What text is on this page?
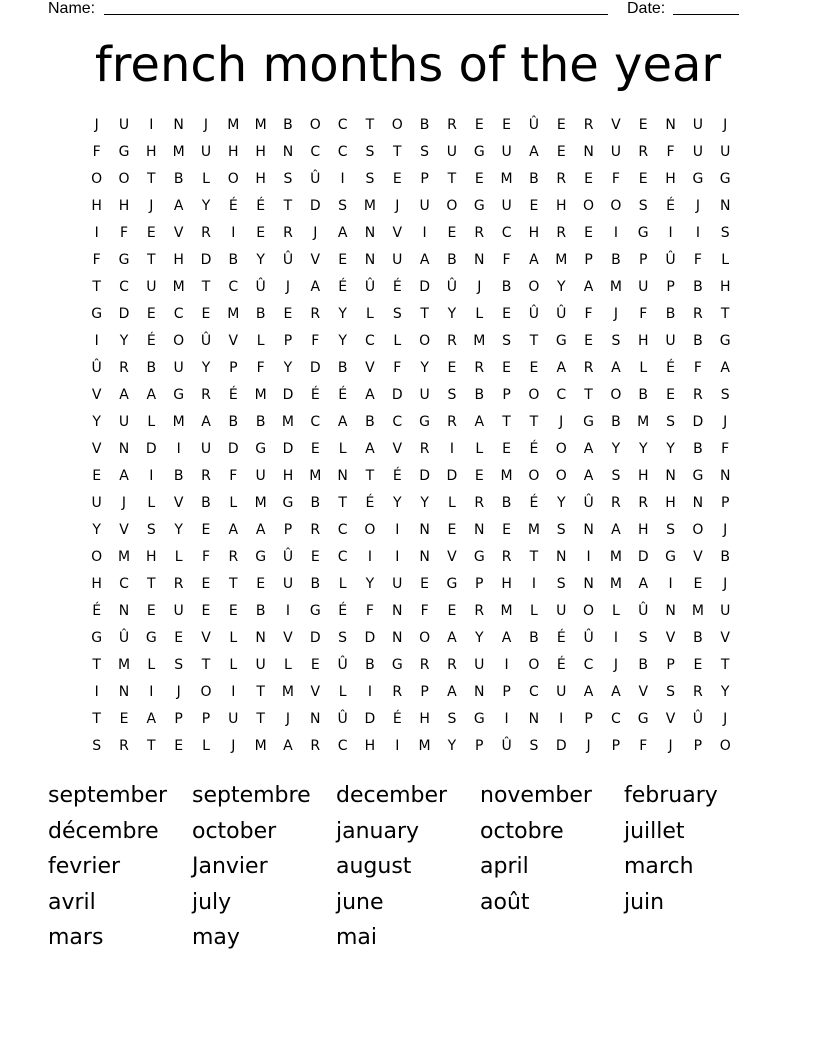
Name:	Date:
french months of the year
J	U	I	N	J	M	M	B	O	C	T	O	B	R	E	E	Û	E	R	V	E	N	U	J
F	G	H	M	U	H	H	N	C	C	S	T	S	U	G	U	A	E	N	U	R	F	U	U
O	O	T	B	L	O	H	S	Û	I	S	E	P	T	E	M	B	R	E	F	E	H	G	G
H	H	J	A	Y	É	É	T	D	S	M	J	U	O	G	U	E	H	O	O	S	É	J	N
I	F	E	V	R	I	E	R	J	A	N	V	I	E	R	C	H	R	E	I	G	I	I	S
F	G	T	H	D	B	Y	Û	V	E	N	U	A	B	N	F	A	M	P	B	P	Û	F	L
T	C	U	M	T	C	Û	J	A	É	Û	É	D	Û	J	B	O	Y	A	M	U	P	B	H
G	D	E	C	E	M	B	E	R	Y	L	S	T	Y	L	E	Û	Û	F	J	F	B	R	T
I	Y	É	O	Û	V	L	P	F	Y	C	L	O	R	M	S	T	G	E	S	H	U	B	G
Û	R	B	U	Y	P	F	Y	D	B	V	F	Y	E	R	E	E	A	R	A	L	É	F	A
V	A	A	G	R	É	M	D	É	É	A	D	U	S	B	P	O	C	T	O	B	E	R	S
Y	U	L	M	A	B	B	M	C	A	B	C	G	R	A	T	T	J	G	B	M	S	D	J
V	N	D	I	U	D	G	D	E	L	A	V	R	I	L	E	É	O	A	Y	Y	Y	B	F
E	A	I	B	R	F	U	H	M	N	T	É	D	D	E	M	O	O	A	S	H	N	G	N
U	J	L	V	B	L	M	G	B	T	É	Y	Y	L	R	B	É	Y	Û	R	R	H	N	P
Y	V	S	Y	E	A	A	P	R	C	O	I	N	E	N	E	M	S	N	A	H	S	O	J
O	M	H	L	F	R	G	Û	E	C	I	I	N	V	G	R	T	N	I	M	D	G	V	B
H	C	T	R	E	T	E	U	B	L	Y	U	E	G	P	H	I	S	N	M	A	I	E	J
É	N	E	U	E	E	B	I	G	É	F	N	F	E	R	M	L	U	O	L	Û	N	M	U
G	Û	G	E	V	L	N	V	D	S	D	N	O	A	Y	A	B	É	Û	I	S	V	B	V
T	M	L	S	T	L	U	L	E	Û	B	G	R	R	U	I	O	É	C	J	B	P	E	T
I	N	I	J	O	I	T	M	V	L	I	R	P	A	N	P	C	U	A	A	V	S	R	Y
T	E	A	P	P	U	T	J	N	Û	D	É	H	S	G	I	N	I	P	C	G	V	Û	J
S	R	T	E	L	J	M	A	R	C	H	I	M	Y	P	Û	S	D	J	P	F	J	P	O
september	septembre	december	november	february
décembre	october	january	octobre	juillet
fevrier	Janvier	august	april	march
avril	july	june	août	juin
mars	may	mai
